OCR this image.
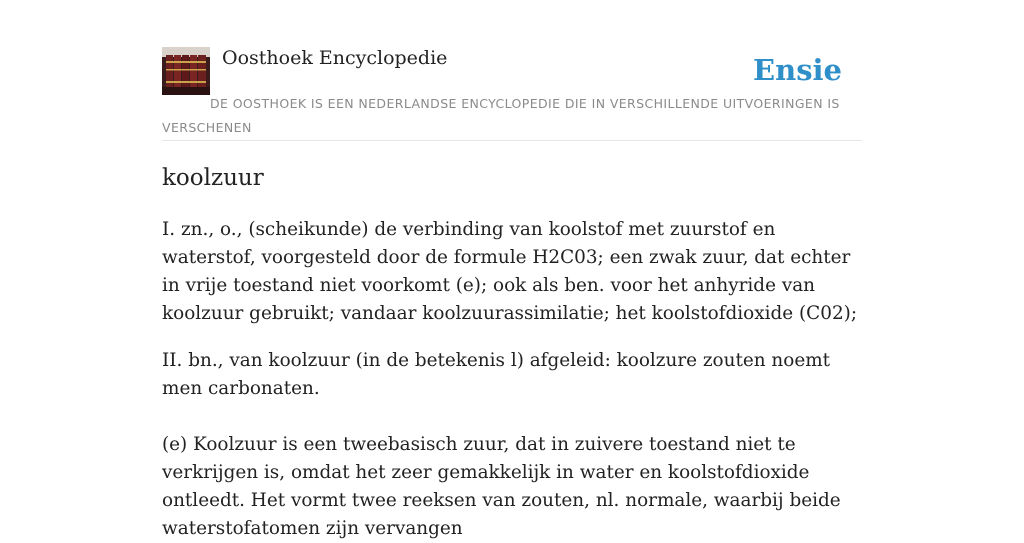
Oosthoek Encyclopedie	Ensie
DE OOSTHOEK IS EEN NEDERLANDSE ENCYCLOPEDIE DIE IN VERSCHILLENDE UITVOERINGEN IS VERSCHENEN
koolzuur

I. zn., o., (scheikunde) de verbinding van koolstof met zuurstof en waterstof, voorgesteld door de formule H2C03; een zwak zuur, dat echter in vrije toestand niet voorkomt (e); ook als ben. voor het anhyride van koolzuur gebruikt; vandaar koolzuurassimilatie; het koolstofdioxide (C02);

II. bn., van koolzuur (in de betekenis l) afgeleid: koolzure zouten noemt men carbonaten.

(e) Koolzuur is een tweebasisch zuur, dat in zuivere toestand niet te verkrijgen is, omdat het zeer gemakkelijk in water en koolstofdioxide ontleedt. Het vormt twee reeksen van zouten, nl. normale, waarbij beide waterstofatomen zijn vervangen
